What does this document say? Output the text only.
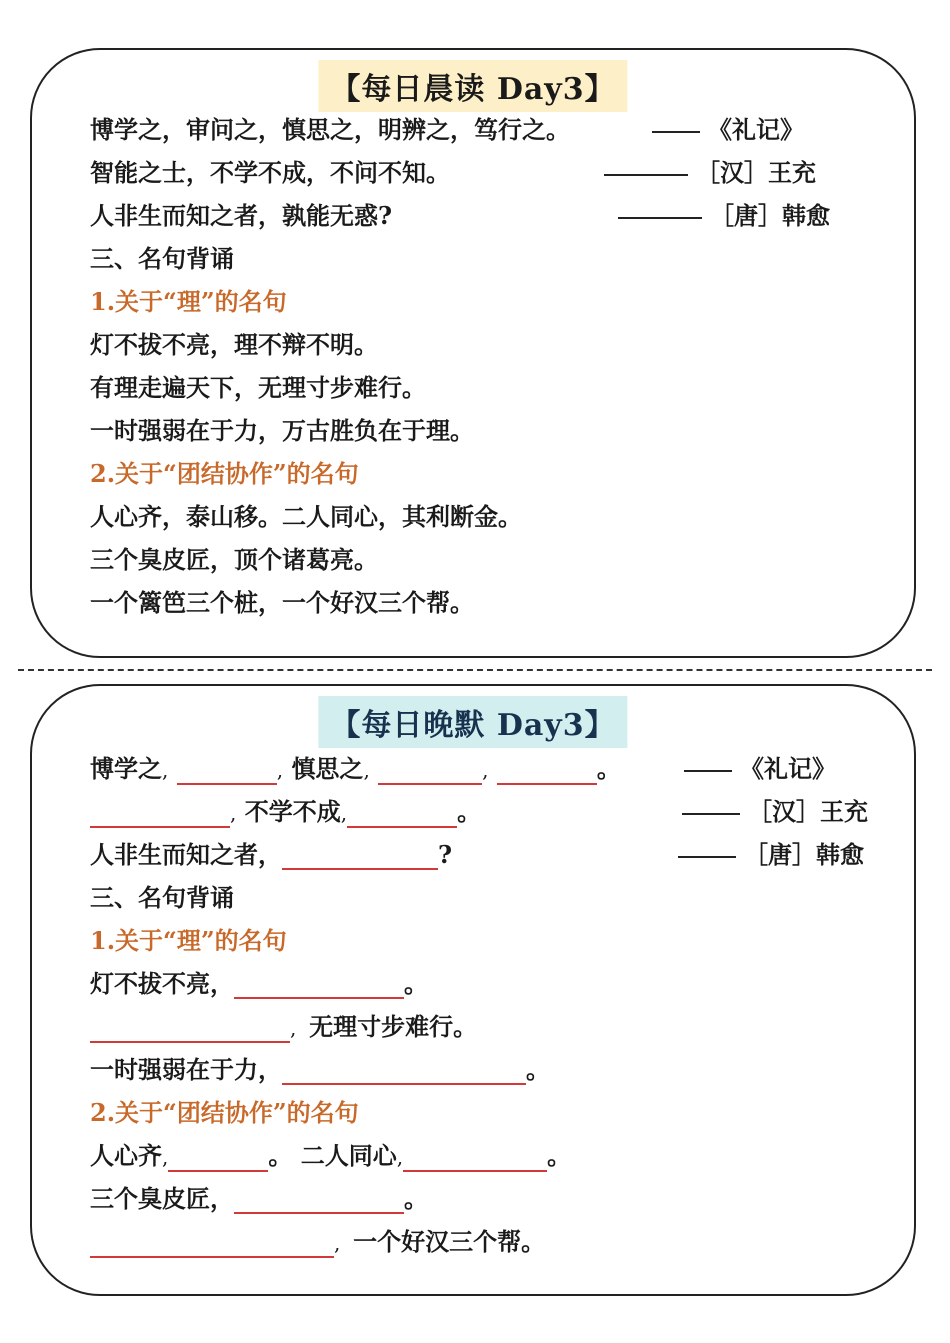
【每日晨读 Day3】
博学之，审问之，慎思之，明辨之，笃行之。	《礼记》
智能之士，不学不成，不问不知。	［汉］王充
人非生而知之者，孰能无惑?	［唐］韩愈
三、名句背诵
1.关于“理”的名句
灯不拔不亮，理不辩不明。
有理走遍天下，无理寸步难行。
一时强弱在于力，万古胜负在于理。
2.关于“团结协作”的名句
人心齐，泰山移。二人同心，其利断金。
三个臭皮匠，顶个诸葛亮。
一个篱笆三个桩，一个好汉三个帮。
【每日晚默 Day3】
博学之,	, 慎思之,	,	。	《礼记》
, 不学不成,	。	［汉］王充
人非生而知之者，	?	［唐］韩愈
三、名句背诵
1.关于“理”的名句
灯不拔不亮，	。
,  无理寸步难行。
一时强弱在于力，	。
2.关于“团结协作”的名句
人心齐,	。 二人同心,	。
三个臭皮匠，	。
,  一个好汉三个帮。
